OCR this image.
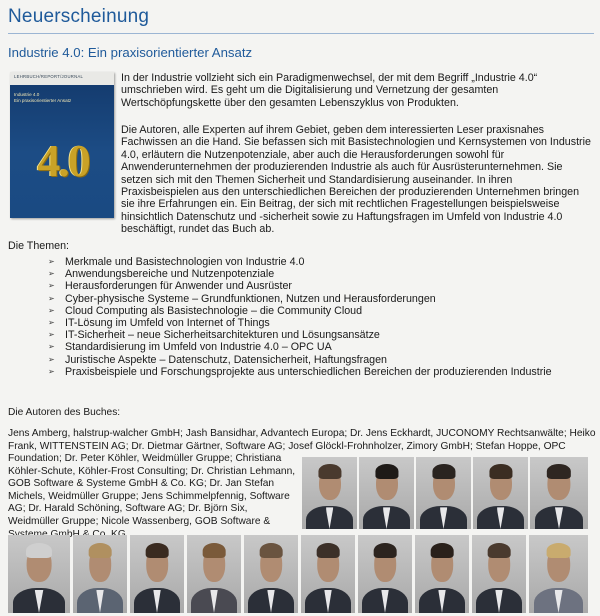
Neuerscheinung
Industrie 4.0: Ein praxisorientierter Ansatz
LEHRBUCH/REPORT/JOURNAL
Industrie 4.0
Ein praxisorientierter Ansatz
4.0

In der Industrie vollzieht sich ein Paradigmenwechsel, der mit dem Begriff „Industrie 4.0“ umschrieben wird. Es geht um die Digitalisierung und Vernetzung der gesamten Wertschöpfungskette über den gesamten Lebenszyklus von Produkten.

Die Autoren, alle Experten auf ihrem Gebiet, geben dem interessierten Leser praxisnahes Fachwissen an die Hand. Sie befassen sich mit Basistechnologien und Kernsystemen von Industrie 4.0, erläutern die Nutzenpotenziale, aber auch die Herausforderungen sowohl für Anwenderunternehmen der produzierenden Industrie als auch für Ausrüsterunternehmen. Sie setzen sich mit den Themen Sicherheit und Standardisierung auseinander. In ihren Praxisbeispielen aus den unterschiedlichen Bereichen der produzierenden Unternehmen bringen sie ihre Erfahrungen ein. Ein Beitrag, der sich mit rechtlichen Fragestellungen beispielsweise hinsichtlich Datenschutz und -sicherheit sowie zu Haftungsfragen im Umfeld von Industrie 4.0 beschäftigt, rundet das Buch ab.

Die Themen:
➢ Merkmale und Basistechnologien von Industrie 4.0
➢ Anwendungsbereiche und Nutzenpotenziale
➢ Herausforderungen für Anwender und Ausrüster
➢ Cyber-physische Systeme – Grundfunktionen, Nutzen und Herausforderungen
➢ Cloud Computing als Basistechnologie – die Community Cloud
➢ IT-Lösung im Umfeld von Internet of Things
➢ IT-Sicherheit – neue Sicherheitsarchitekturen und Lösungsansätze
➢ Standardisierung im Umfeld von Industrie 4.0 – OPC UA
➢ Juristische Aspekte – Datenschutz, Datensicherheit, Haftungsfragen
➢ Praxisbeispiele und Forschungsprojekte aus unterschiedlichen Bereichen der produzierenden Industrie
Die Autoren des Buches:

Jens Amberg, halstrup-walcher GmbH; Jash Bansidhar, Advantech Europa; Dr. Jens Eckhardt, JUCONOMY Rechtsanwälte; Heiko Frank, WITTENSTEIN AG; Dr. Dietmar Gärtner, Software AG; Josef Glöckl-Frohnholzer, Zimory GmbH; Stefan Hoppe, OPC

Foundation; Dr. Peter Köhler, Weidmüller Gruppe; Christiana Köhler-Schute, Köhler-Frost Consulting; Dr. Christian Lehmann, GOB Software & Systeme GmbH & Co. KG; Dr. Jan Stefan Michels, Weidmüller Gruppe; Jens Schimmelpfennig, Software AG; Dr. Harald Schöning, Software AG; Dr. Björn Six, Weidmüller Gruppe; Nicole Wassenberg, GOB Software &
